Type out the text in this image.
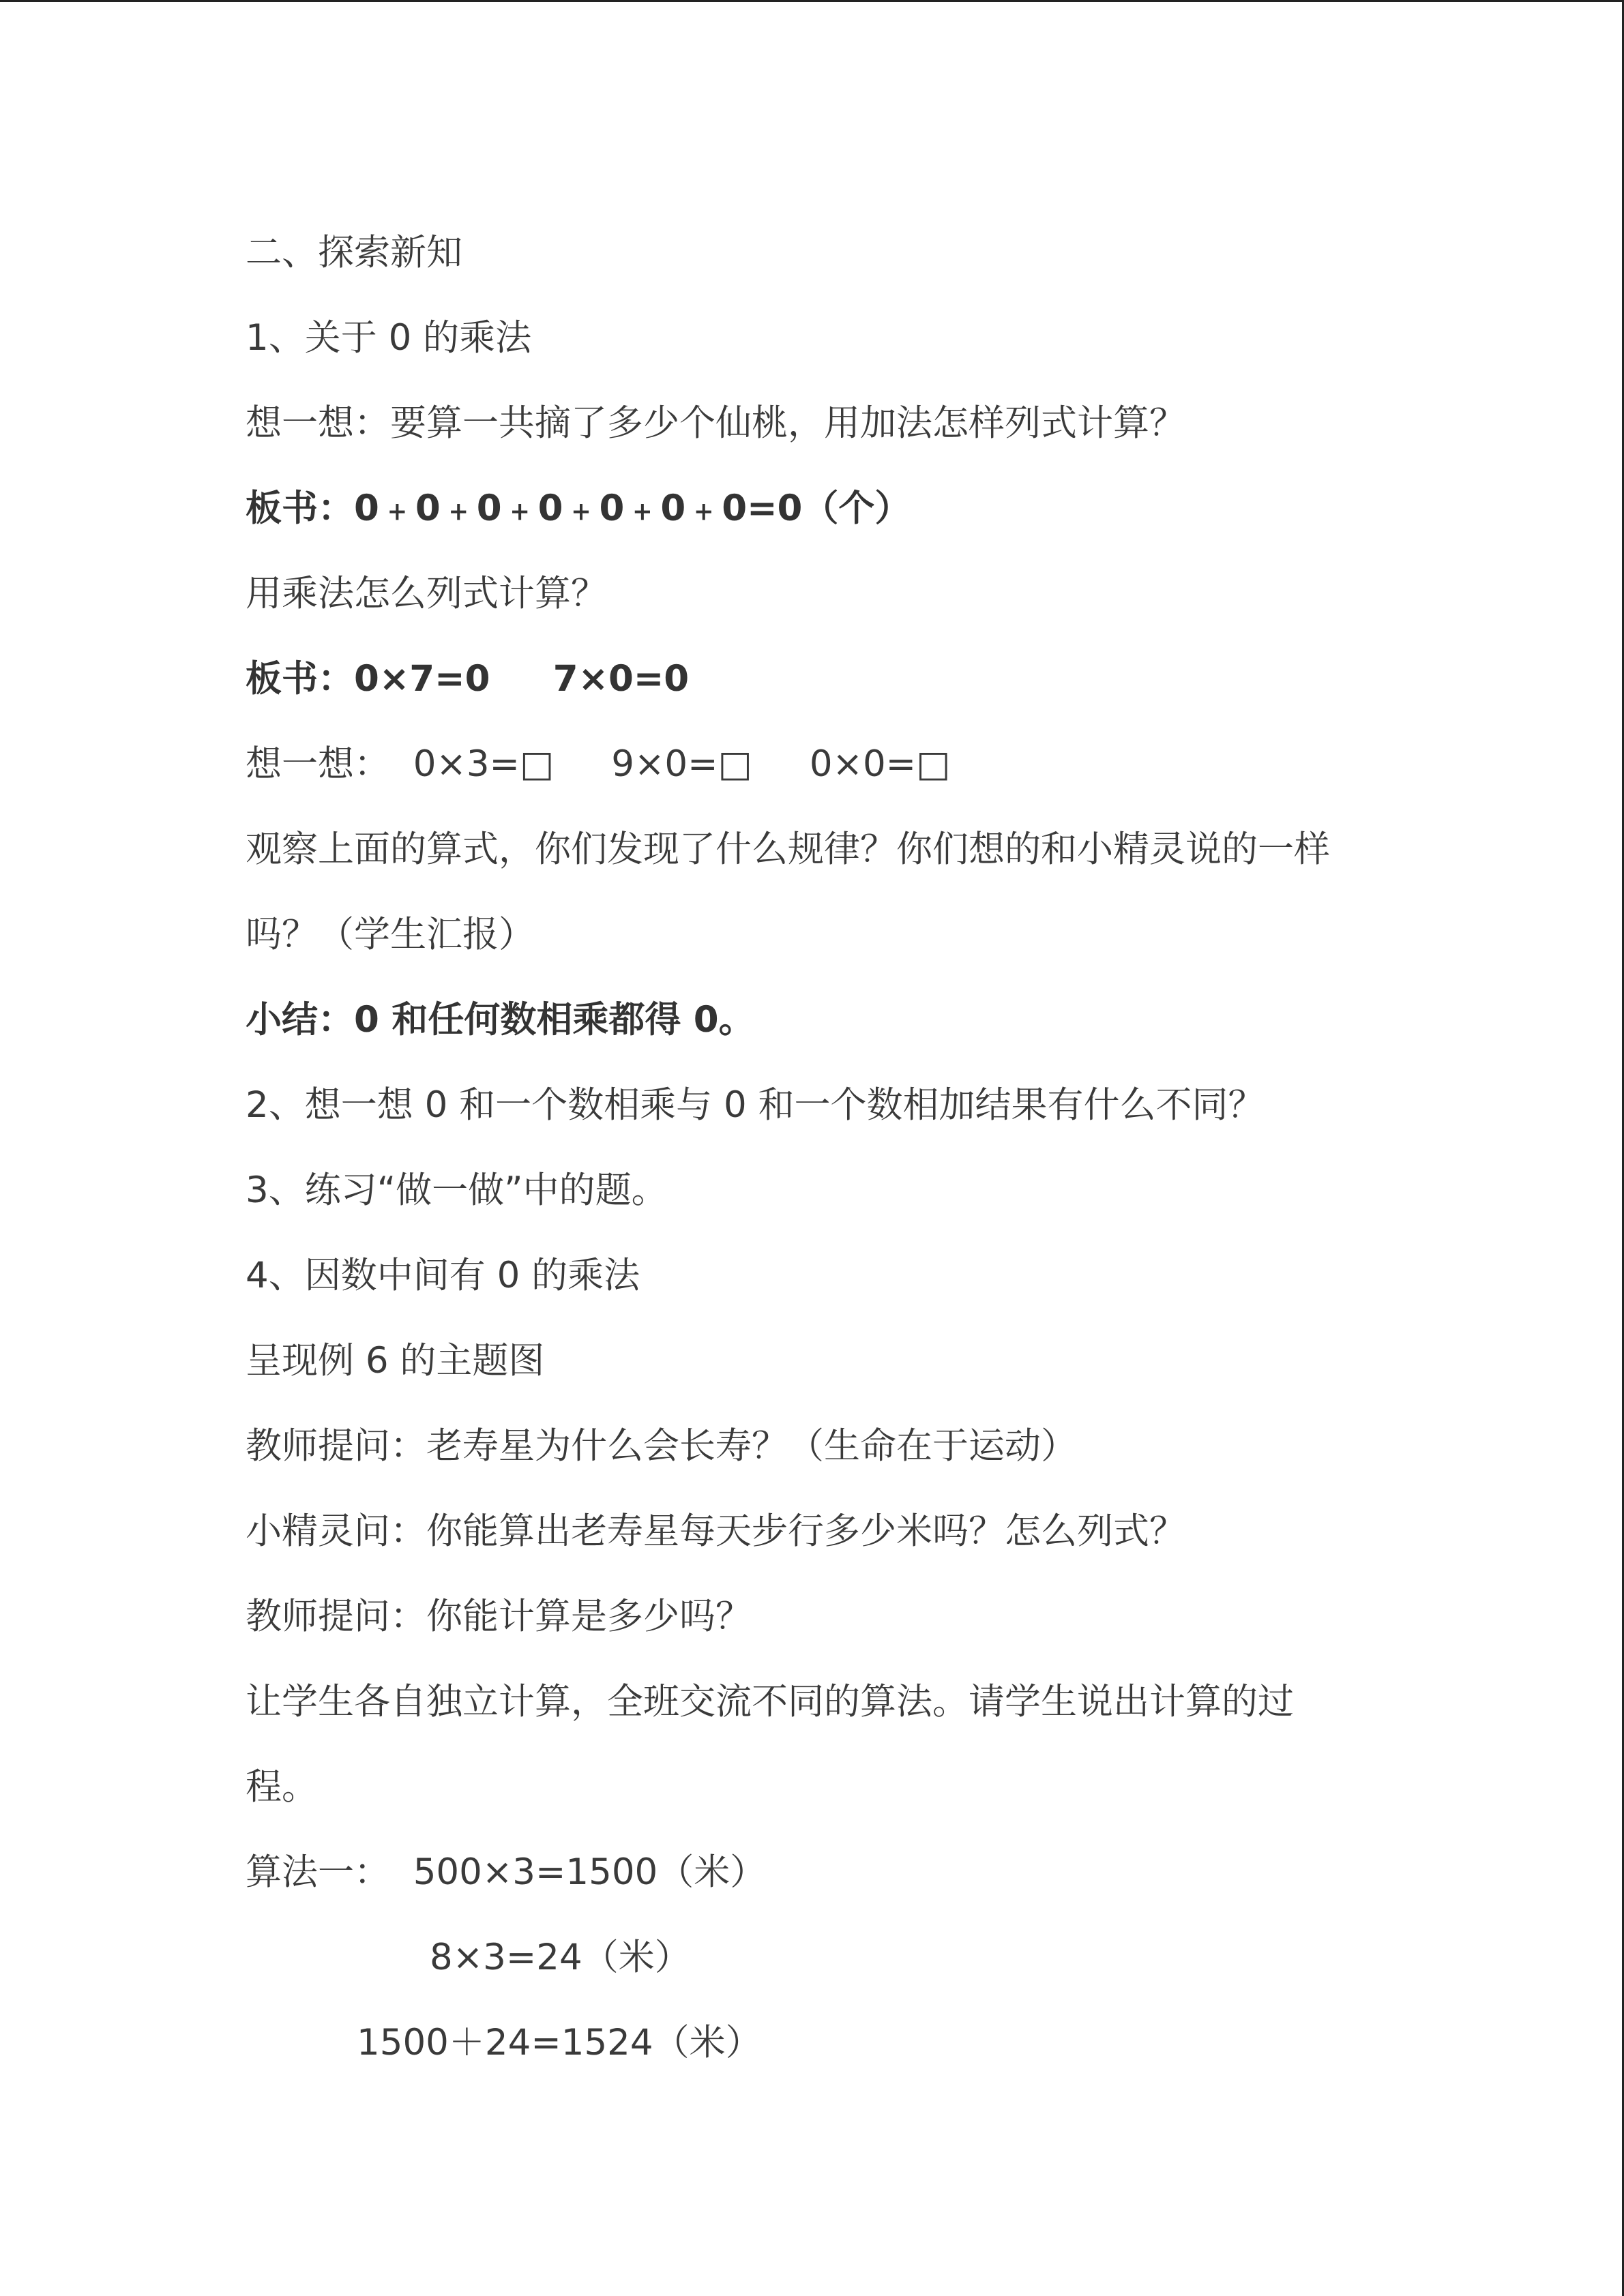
二、探索新知
1、关于 0 的乘法
想一想：要算一共摘了多少个仙桃，用加法怎样列式计算？
板书：0﹢0﹢0﹢0﹢0﹢0﹢0=0（个）
用乘法怎么列式计算？
板书：0×7=0     7×0=0
想一想：  0×3=□     9×0=□     0×0=□
观察上面的算式，你们发现了什么规律？你们想的和小精灵说的一样
吗？（学生汇报）
小结：0 和任何数相乘都得 0。
2、想一想 0 和一个数相乘与 0 和一个数相加结果有什么不同？
3、练习“做一做”中的题。
4、因数中间有 0 的乘法
呈现例 6 的主题图
教师提问：老寿星为什么会长寿？（生命在于运动）
小精灵问：你能算出老寿星每天步行多少米吗？怎么列式？
教师提问：你能计算是多少吗？
让学生各自独立计算，全班交流不同的算法。请学生说出计算的过
程。
算法一：  500×3=1500（米）
8×3=24（米）
1500＋24=1524（米）
